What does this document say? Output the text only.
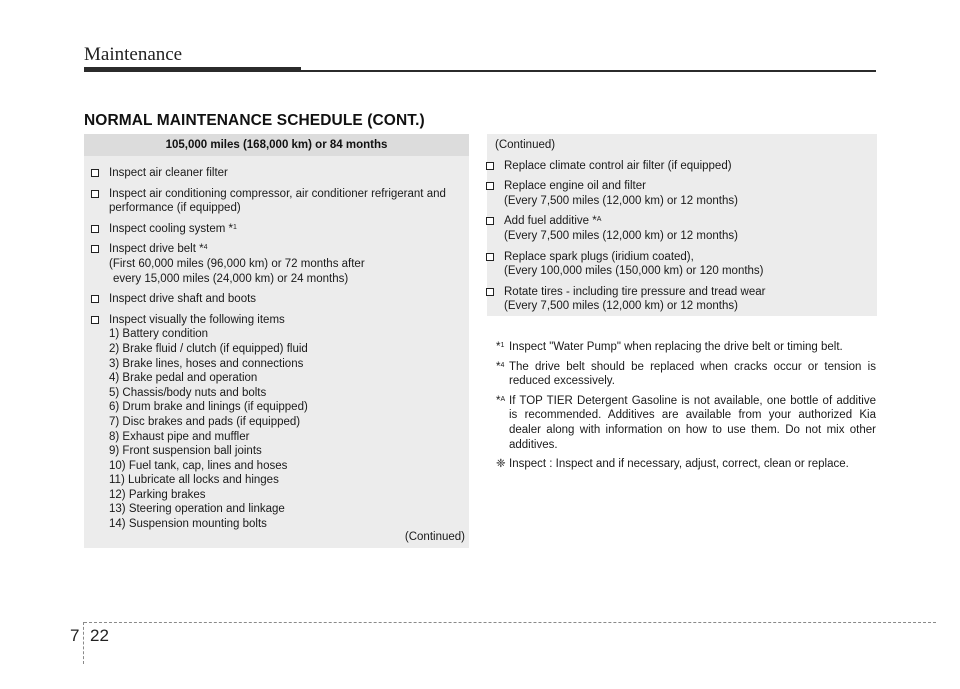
Maintenance
NORMAL MAINTENANCE SCHEDULE (CONT.)
105,000 miles (168,000 km) or 84 months
Inspect air cleaner filter
Inspect air conditioning compressor, air conditioner refrigerant and
performance (if equipped)
Inspect cooling system *$^1$
Inspect drive belt *$^4$
(First 60,000 miles (96,000 km) or 72 months after
every 15,000 miles (24,000 km) or 24 months)
Inspect drive shaft and boots
Inspect visually the following items
1) Battery condition
2) Brake fluid / clutch (if equipped) fluid
3) Brake lines, hoses and connections
4) Brake pedal and operation
5) Chassis/body nuts and bolts
6) Drum brake and linings (if equipped)
7) Disc brakes and pads (if equipped)
8) Exhaust pipe and muffler
9) Front suspension ball joints
10) Fuel tank, cap, lines and hoses
11) Lubricate all locks and hinges
12) Parking brakes
13) Steering operation and linkage
14) Suspension mounting bolts
(Continued)
(Continued)
Replace climate control air filter (if equipped)
Replace engine oil and filter
(Every 7,500 miles (12,000 km) or 12 months)
Add fuel additive *$^A$
(Every 7,500 miles (12,000 km) or 12 months)
Replace spark plugs (iridium coated),
(Every 100,000 miles (150,000 km) or 120 months)
Rotate tires - including tire pressure and tread wear
(Every 7,500 miles (12,000 km) or 12 months)
*$^1$ Inspect "Water Pump" when replacing the drive belt or timing belt.
*$^4$ The drive belt should be replaced when cracks occur or tension is reduced excessively.
*$^A$ If TOP TIER Detergent Gasoline is not available, one bottle of additive is recommended. Additives are available from your authorized Kia dealer along with information on how to use them. Do not mix other additives.
❈ Inspect : Inspect and if necessary, adjust, correct, clean or replace.
7 22
